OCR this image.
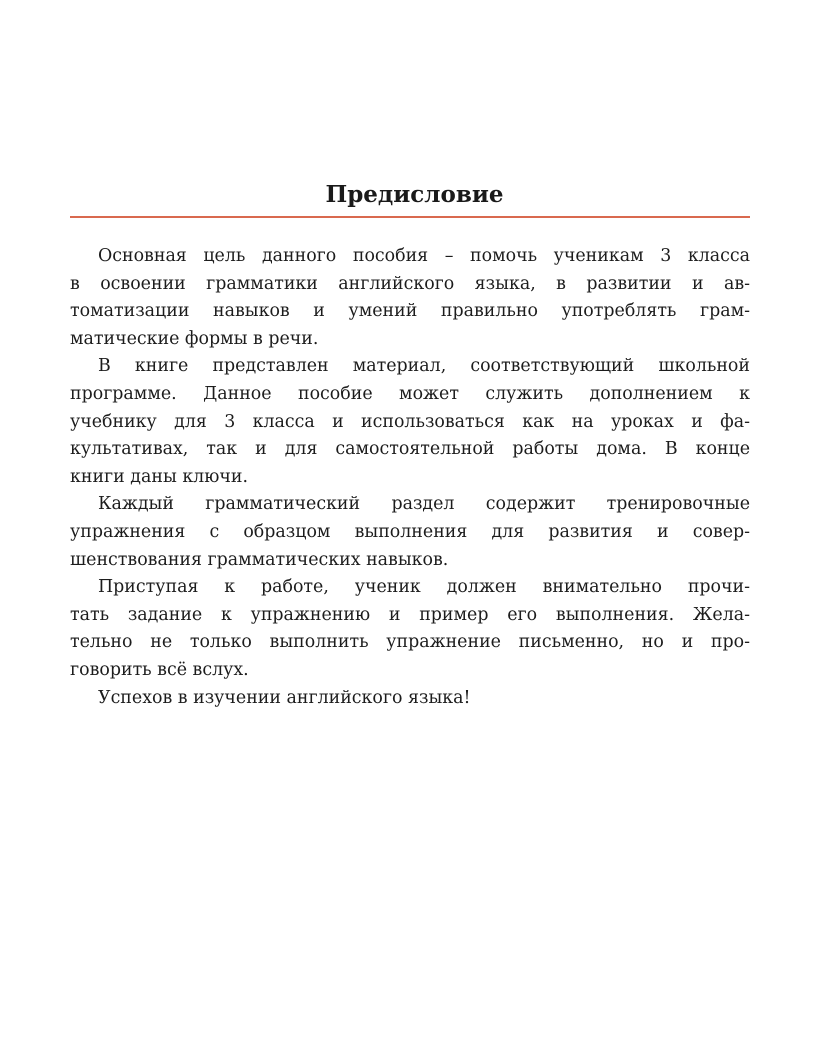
Предисловие
Основная цель данного пособия – помочь ученикам 3 класса
в освоении грамматики английского языка, в развитии и ав-
томатизации навыков и умений правильно употреблять грам-
матические формы в речи.
В книге представлен материал, соответствующий школьной
программе. Данное пособие может служить дополнением к
учебнику для 3 класса и использоваться как на уроках и фа-
культативах, так и для самостоятельной работы дома. В конце
книги даны ключи.
Каждый грамматический раздел содержит тренировочные
упражнения с образцом выполнения для развития и совер-
шенствования грамматических навыков.
Приступая к работе, ученик должен внимательно прочи-
тать задание к упражнению и пример его выполнения. Жела-
тельно не только выполнить упражнение письменно, но и про-
говорить всё вслух.
Успехов в изучении английского языка!
